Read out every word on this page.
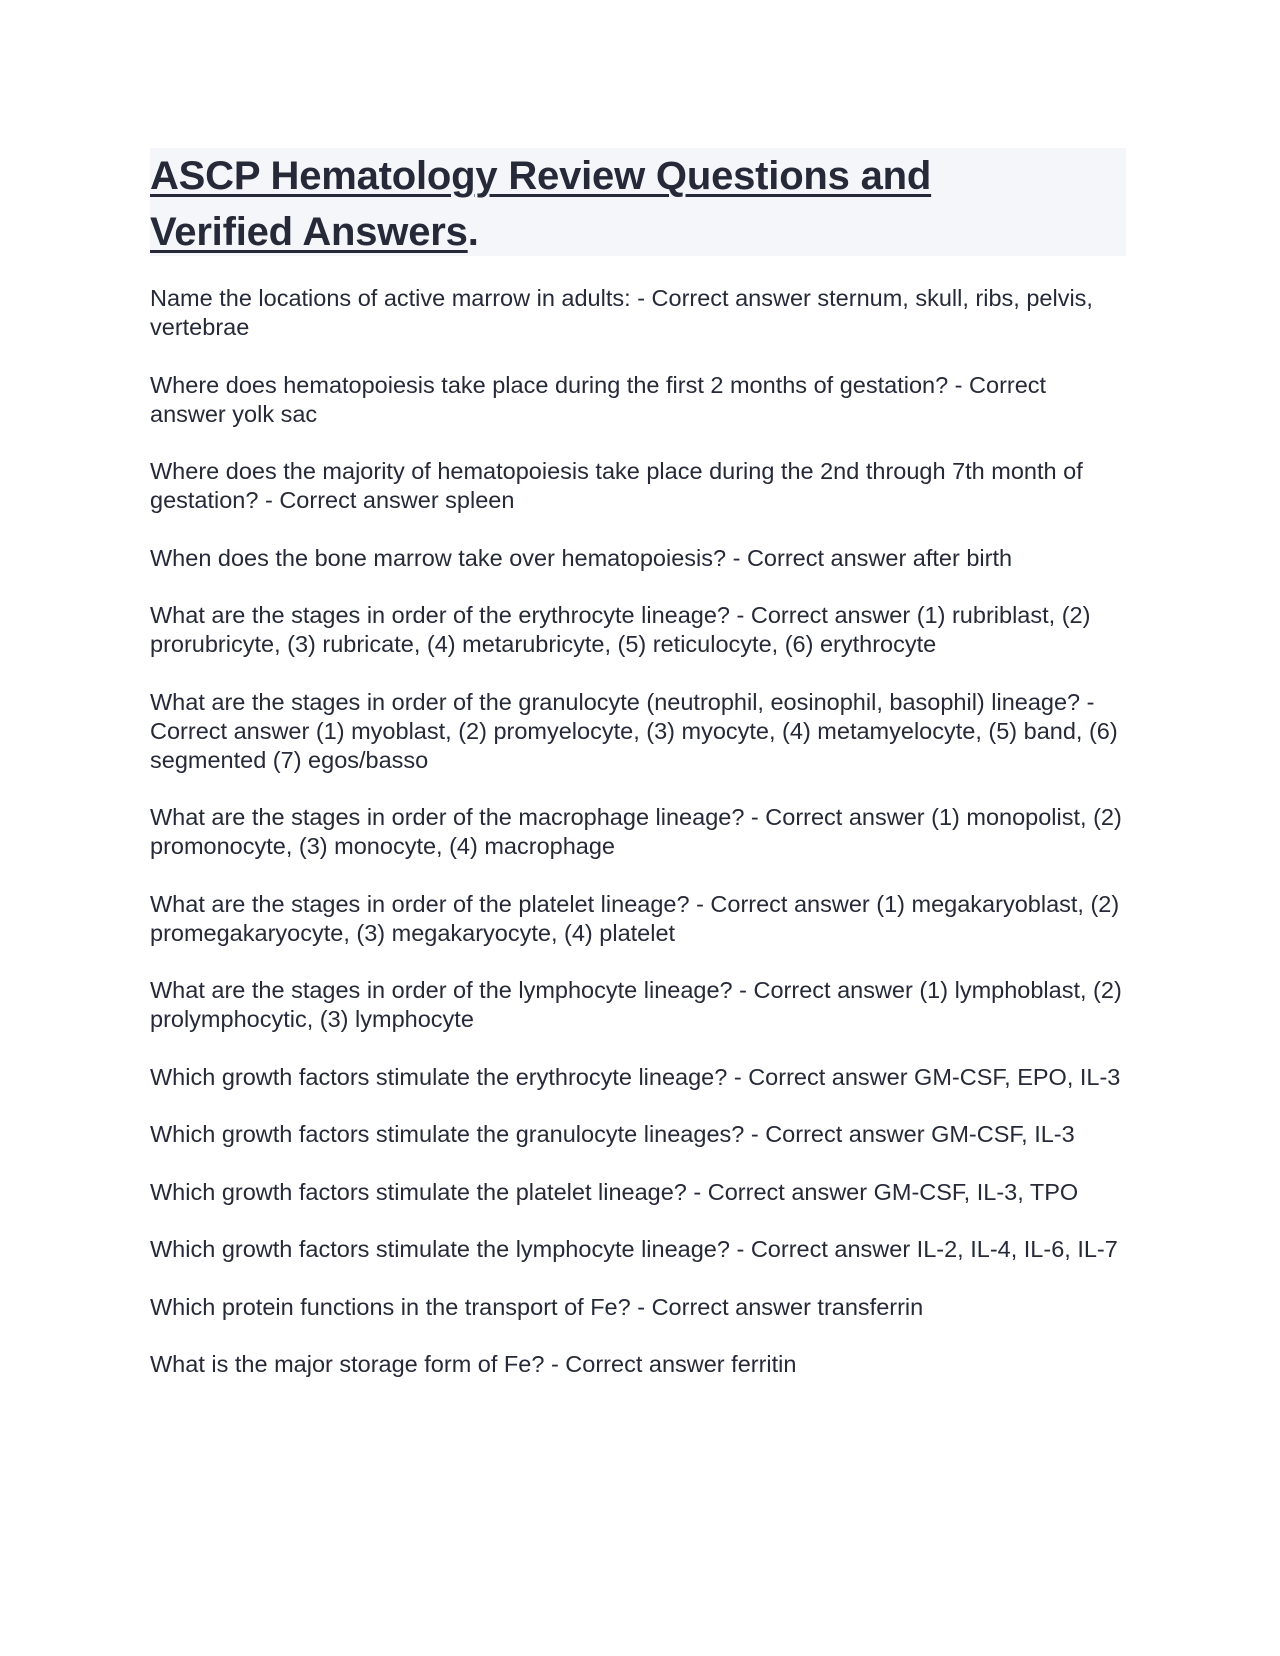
ASCP Hematology Review Questions and
Verified Answers.

Name the locations of active marrow in adults: - Correct answer sternum, skull, ribs, pelvis, vertebrae

Where does hematopoiesis take place during the first 2 months of gestation? - Correct answer yolk sac

Where does the majority of hematopoiesis take place during the 2nd through 7th month of gestation? - Correct answer spleen

When does the bone marrow take over hematopoiesis? - Correct answer after birth

What are the stages in order of the erythrocyte lineage? - Correct answer (1) rubriblast, (2) prorubricyte, (3) rubricate, (4) metarubricyte, (5) reticulocyte, (6) erythrocyte

What are the stages in order of the granulocyte (neutrophil, eosinophil, basophil) lineage? - Correct answer (1) myoblast, (2) promyelocyte, (3) myocyte, (4) metamyelocyte, (5) band, (6) segmented (7) egos/basso

What are the stages in order of the macrophage lineage? - Correct answer (1) monopolist, (2) promonocyte, (3) monocyte, (4) macrophage

What are the stages in order of the platelet lineage? - Correct answer (1) megakaryoblast, (2) promegakaryocyte, (3) megakaryocyte, (4) platelet

What are the stages in order of the lymphocyte lineage? - Correct answer (1) lymphoblast, (2) prolymphocytic, (3) lymphocyte

Which growth factors stimulate the erythrocyte lineage? - Correct answer GM-CSF, EPO, IL-3

Which growth factors stimulate the granulocyte lineages? - Correct answer GM-CSF, IL-3

Which growth factors stimulate the platelet lineage? - Correct answer GM-CSF, IL-3, TPO

Which growth factors stimulate the lymphocyte lineage? - Correct answer IL-2, IL-4, IL-6, IL-7

Which protein functions in the transport of Fe? - Correct answer transferrin

What is the major storage form of Fe? - Correct answer ferritin
